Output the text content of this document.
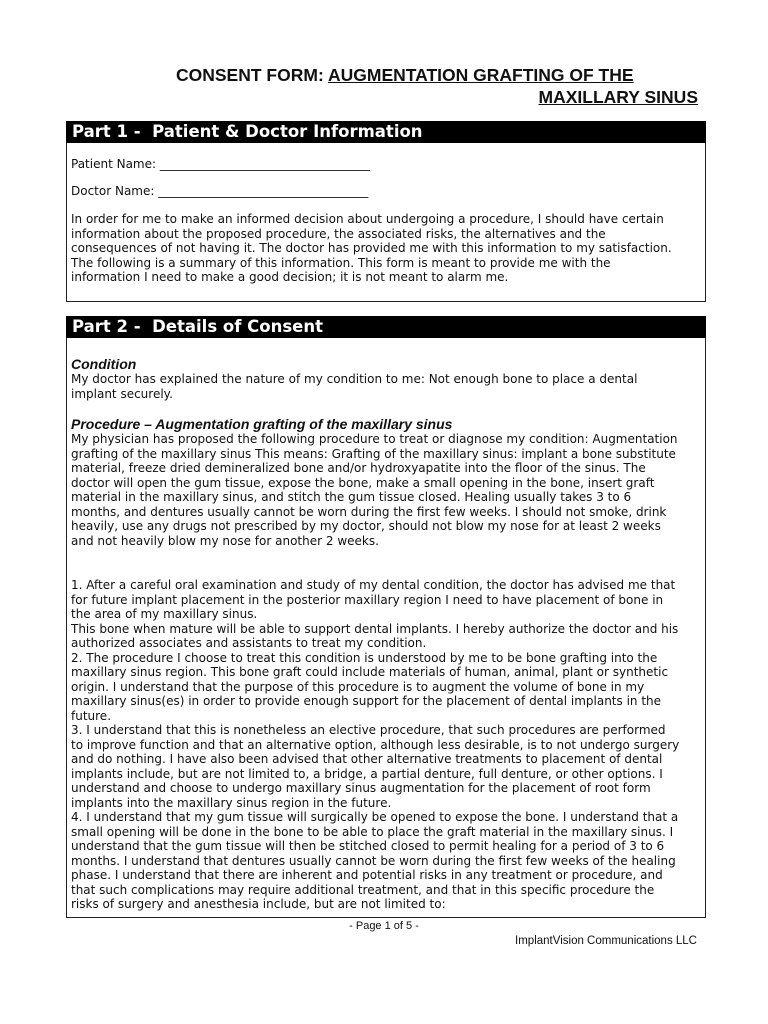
CONSENT FORM: AUGMENTATION GRAFTING OF THE
MAXILLARY SINUS
Part 1 -  Patient & Doctor Information
Patient Name: ___________________________________
Doctor Name: ___________________________________

In order for me to make an informed decision about undergoing a procedure, I should have certain

information about the proposed procedure, the associated risks, the alternatives and the

consequences of not having it. The doctor has provided me with this information to my satisfaction.

The following is a summary of this information. This form is meant to provide me with the

information I need to make a good decision; it is not meant to alarm me.

Part 2 -  Details of Consent
Condition

My doctor has explained the nature of my condition to me: Not enough bone to place a dental

implant securely.

Procedure – Augmentation grafting of the maxillary sinus

My physician has proposed the following procedure to treat or diagnose my condition: Augmentation

grafting of the maxillary sinus This means: Grafting of the maxillary sinus: implant a bone substitute

material, freeze dried demineralized bone and/or hydroxyapatite into the floor of the sinus. The

doctor will open the gum tissue, expose the bone, make a small opening in the bone, insert graft

material in the maxillary sinus, and stitch the gum tissue closed. Healing usually takes 3 to 6

months, and dentures usually cannot be worn during the first few weeks. I should not smoke, drink

heavily, use any drugs not prescribed by my doctor, should not blow my nose for at least 2 weeks

and not heavily blow my nose for another 2 weeks.

1. After a careful oral examination and study of my dental condition, the doctor has advised me that

for future implant placement in the posterior maxillary region I need to have placement of bone in

the area of my maxillary sinus.

This bone when mature will be able to support dental implants. I hereby authorize the doctor and his

authorized associates and assistants to treat my condition.

2. The procedure I choose to treat this condition is understood by me to be bone grafting into the

maxillary sinus region. This bone graft could include materials of human, animal, plant or synthetic

origin. I understand that the purpose of this procedure is to augment the volume of bone in my

maxillary sinus(es) in order to provide enough support for the placement of dental implants in the

future.

3. I understand that this is nonetheless an elective procedure, that such procedures are performed

to improve function and that an alternative option, although less desirable, is to not undergo surgery

and do nothing. I have also been advised that other alternative treatments to placement of dental

implants include, but are not limited to, a bridge, a partial denture, full denture, or other options. I

understand and choose to undergo maxillary sinus augmentation for the placement of root form

implants into the maxillary sinus region in the future.

4. I understand that my gum tissue will surgically be opened to expose the bone. I understand that a

small opening will be done in the bone to be able to place the graft material in the maxillary sinus. I

understand that the gum tissue will then be stitched closed to permit healing for a period of 3 to 6

months. I understand that dentures usually cannot be worn during the first few weeks of the healing

phase. I understand that there are inherent and potential risks in any treatment or procedure, and

that such complications may require additional treatment, and that in this specific procedure the

risks of surgery and anesthesia include, but are not limited to:

- Page 1 of 5 -
ImplantVision Communications LLC
